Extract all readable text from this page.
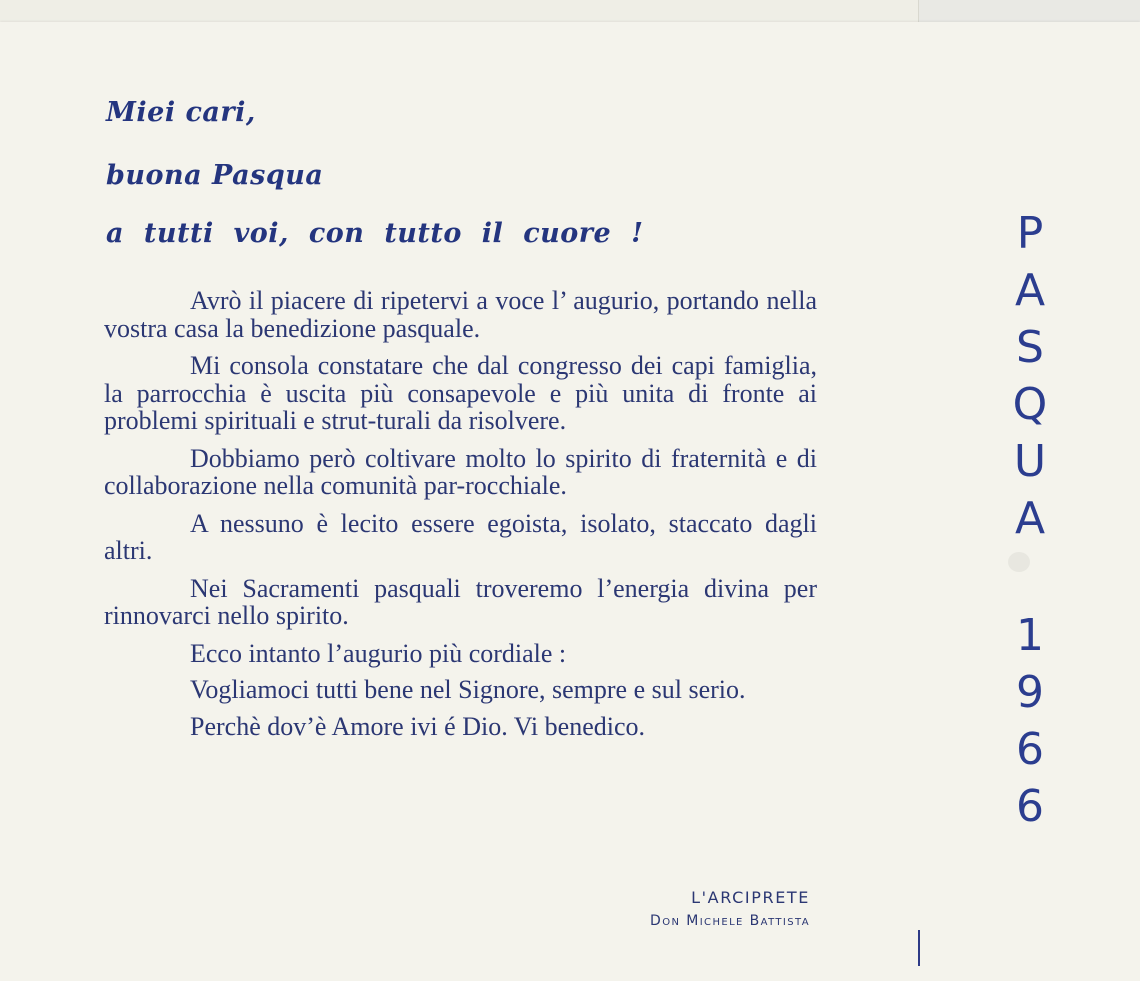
Miei cari,
buona Pasqua
a tutti voi, con tutto il cuore !

Avrò il piacere di ripetervi a voce l’ augurio, portando nella vostra casa la benedizione pasquale.

Mi consola constatare che dal congresso dei capi famiglia, la parrocchia è uscita più consapevole e più unita di fronte ai problemi spirituali e strut-turali da risolvere.

Dobbiamo però coltivare molto lo spirito di fraternità e di collaborazione nella comunità par-rocchiale.

A nessuno è lecito essere egoista, isolato, staccato dagli altri.

Nei Sacramenti pasquali troveremo l’energia divina per rinnovarci nello spirito.

Ecco intanto l’augurio più cordiale :

Vogliamoci tutti bene nel Signore, sempre e sul serio.

Perchè dov’è Amore ivi é Dio. Vi benedico.

L'ARCIPRETE
Don Michele Battista
P
A
S
Q
U
A
1
9
6
6
